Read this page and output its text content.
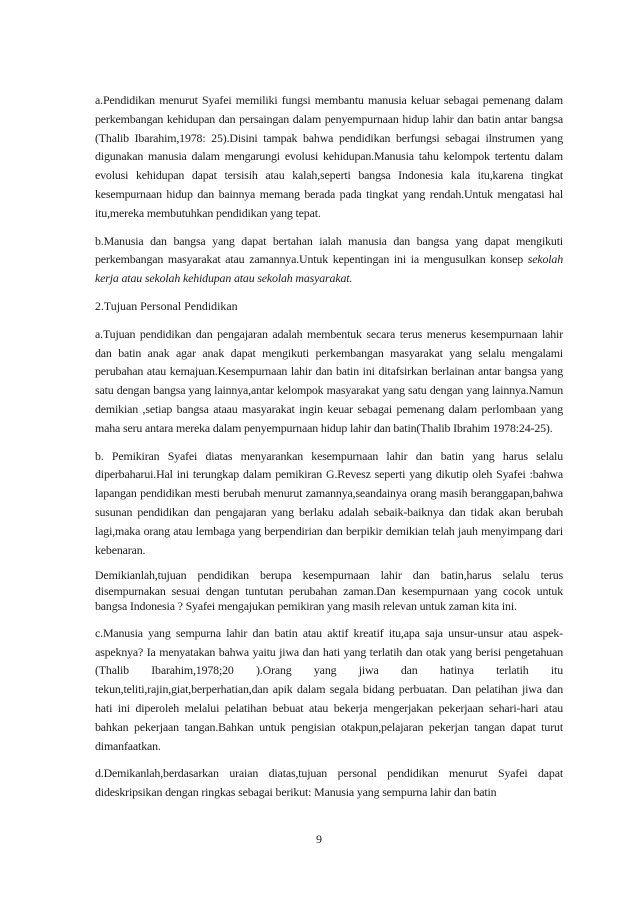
a.Pendidikan menurut Syafei memiliki fungsi membantu manusia keluar sebagai pemenang dalam perkembangan kehidupan dan persaingan dalam penyempurnaan hidup lahir dan batin antar bangsa (Thalib Ibarahim,1978: 25).Disini tampak bahwa pendidikan berfungsi sebagai ilnstrumen yang digunakan manusia dalam mengarungi evolusi kehidupan.Manusia tahu kelompok tertentu dalam evolusi kehidupan dapat tersisih atau kalah,seperti bangsa Indonesia kala itu,karena tingkat kesempurnaan hidup dan bainnya memang berada pada tingkat yang rendah.Untuk mengatasi hal itu,mereka membutuhkan pendidikan yang tepat.

b.Manusia dan bangsa yang dapat bertahan ialah manusia dan bangsa yang dapat mengikuti perkembangan masyarakat atau zamannya.Untuk kepentingan ini ia mengusulkan konsep sekolah kerja atau sekolah kehidupan atau sekolah masyarakat.

2.Tujuan Personal Pendidikan

a.Tujuan pendidikan dan pengajaran adalah membentuk secara terus menerus kesempurnaan lahir dan batin anak agar anak dapat mengikuti perkembangan masyarakat yang selalu mengalami perubahan atau kemajuan.Kesempurnaan lahir dan batin ini ditafsirkan berlainan antar bangsa yang satu dengan bangsa yang lainnya,antar kelompok masyarakat yang satu dengan yang lainnya.Namun demikian ,setiap bangsa ataau masyarakat ingin keuar sebagai pemenang dalam perlombaan yang maha seru antara mereka dalam penyempurnaan hidup lahir dan batin(Thalib Ibrahim 1978:24-25).

b. Pemikiran Syafei diatas menyarankan kesempurnaan lahir dan batin yang harus selalu diperbaharui.Hal ini terungkap dalam pemikiran G.Revesz seperti yang dikutip oleh Syafei :bahwa lapangan pendidikan mesti berubah menurut zamannya,seandainya orang masih beranggapan,bahwa susunan pendidikan dan pengajaran yang berlaku adalah sebaik-baiknya dan tidak akan berubah lagi,maka orang atau lembaga yang berpendirian dan berpikir demikian telah jauh menyimpang dari kebenaran.

Demikianlah,tujuan pendidikan berupa kesempurnaan lahir dan batin,harus selalu terus disempurnakan sesuai dengan tuntutan perubahan zaman.Dan kesempurnaan yang cocok untuk bangsa Indonesia ? Syafei mengajukan pemikiran yang masih relevan untuk zaman kita ini.

c.Manusia yang sempurna lahir dan batin atau aktif kreatif itu,apa saja unsur-unsur atau aspek-aspeknya? Ia menyatakan bahwa yaitu jiwa dan hati yang terlatih dan otak yang berisi pengetahuan (Thalib Ibarahim,1978;20 ).Orang yang jiwa dan hatinya terlatih itu tekun,teliti,rajin,giat,berperhatian,dan apik dalam segala bidang perbuatan. Dan pelatihan jiwa dan hati ini diperoleh melalui pelatihan bebuat atau bekerja mengerjakan pekerjaan sehari-hari atau bahkan pekerjaan tangan.Bahkan untuk pengisian otakpun,pelajaran pekerjan tangan dapat turut dimanfaatkan.

d.Demikanlah,berdasarkan uraian diatas,tujuan personal pendidikan menurut Syafei dapat dideskripsikan dengan ringkas sebagai berikut: Manusia yang sempurna lahir dan batin

9
